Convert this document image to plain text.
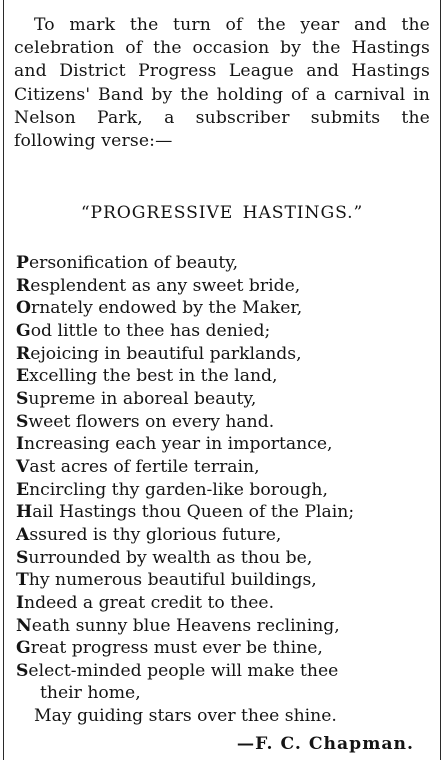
To mark the turn of the year and the celebration of the occasion by the Hastings and District Progress League and Hastings Citizens' Band by the holding of a carnival in Nelson Park, a subscriber submits the following verse:—

“PROGRESSIVE HASTINGS.”
Personification of beauty,
Resplendent as any sweet bride,
Ornately endowed by the Maker,
God little to thee has denied;
Rejoicing in beautiful parklands,
Excelling the best in the land,
Supreme in aboreal beauty,
Sweet flowers on every hand.
Increasing each year in importance,
Vast acres of fertile terrain,
Encircling thy garden-like borough,
Hail Hastings thou Queen of the Plain;
Assured is thy glorious future,
Surrounded by wealth as thou be,
Thy numerous beautiful buildings,
Indeed a great credit to thee.
Neath sunny blue Heavens reclining,
Great progress must ever be thine,
Select-minded people will make thee
their home,
May guiding stars over thee shine.
—F. C. Chapman.
